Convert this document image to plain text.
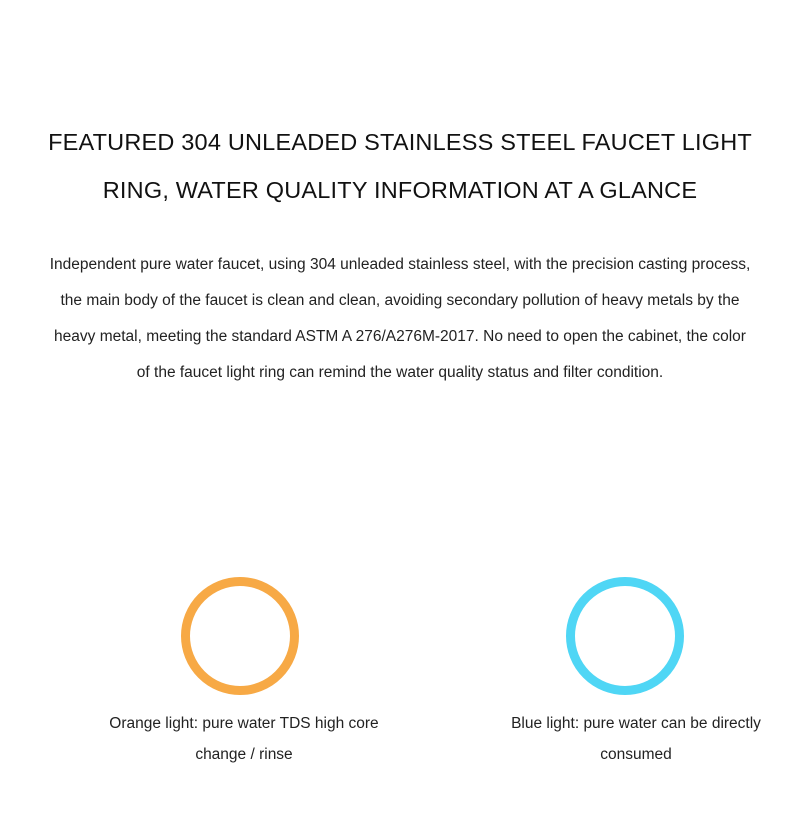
FEATURED 304 UNLEADED STAINLESS STEEL FAUCET LIGHT
RING, WATER QUALITY INFORMATION AT A GLANCE

Independent pure water faucet, using 304 unleaded stainless steel, with the precision casting process,
the main body of the faucet is clean and clean, avoiding secondary pollution of heavy metals by the
heavy metal, meeting the standard ASTM A 276/A276M-2017. No need to open the cabinet, the color
of the faucet light ring can remind the water quality status and filter condition.

Orange light: pure water TDS high core
change / rinse

Blue light: pure water can be directly
consumed
